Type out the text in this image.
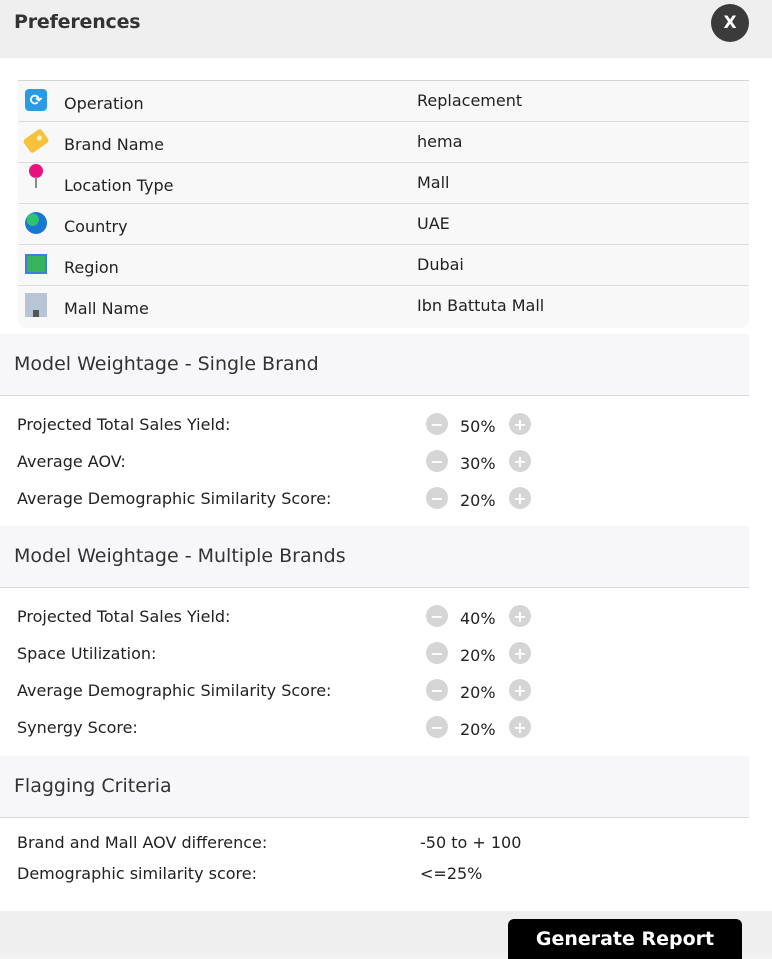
Preferences	X
⟳ Operation	Replacement
Brand Name	hema
Location Type	Mall
Country	UAE
Region	Dubai
Mall Name	Ibn Battuta Mall
Model Weightage - Single Brand
Projected Total Sales Yield:	− 50% +
Average AOV:	− 30% +
Average Demographic Similarity Score:	− 20% +
Model Weightage - Multiple Brands
Projected Total Sales Yield:	− 40% +
Space Utilization:	− 20% +
Average Demographic Similarity Score:	− 20% +
Synergy Score:	− 20% +
Flagging Criteria
Brand and Mall AOV difference:	-50 to + 100
Demographic similarity score:	<=25%
Generate Report
